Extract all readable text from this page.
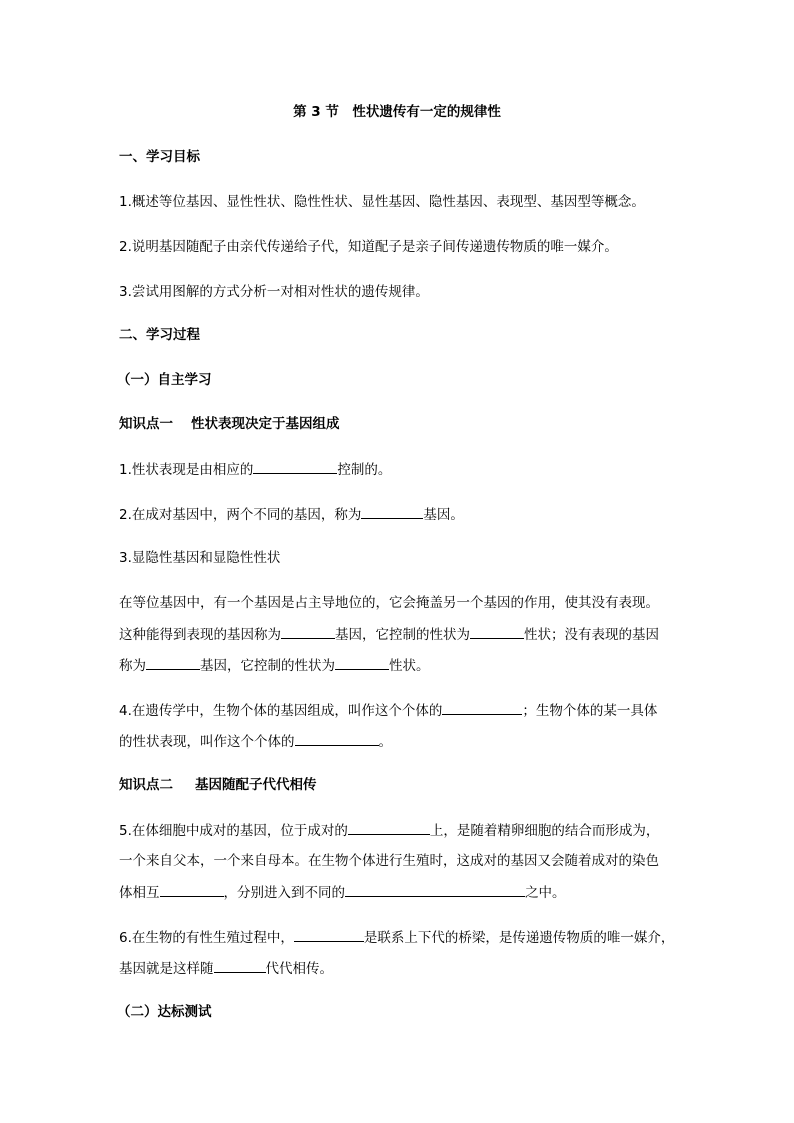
第 3 节　性状遗传有一定的规律性
一、学习目标
1.概述等位基因、显性性状、隐性性状、显性基因、隐性基因、表现型、基因型等概念。
2.说明基因随配子由亲代传递给子代，知道配子是亲子间传递遗传物质的唯一媒介。
3.尝试用图解的方式分析一对相对性状的遗传规律。
二、学习过程
（一）自主学习
知识点一 性状表现决定于基因组成
1.性状表现是由相应的	控制的。
2.在成对基因中，两个不同的基因，称为	基因。
3.显隐性基因和显隐性性状
在等位基因中，有一个基因是占主导地位的，它会掩盖另一个基因的作用，使其没有表现。
这种能得到表现的基因称为	基因，它控制的性状为	性状；没有表现的基因
称为	基因，它控制的性状为	性状。
4.在遗传学中，生物个体的基因组成，叫作这个个体的	；生物个体的某一具体
的性状表现，叫作这个个体的	。
知识点二 基因随配子代代相传
5.在体细胞中成对的基因，位于成对的	上，是随着精卵细胞的结合而形成为，
一个来自父本，一个来自母本。在生物个体进行生殖时，这成对的基因又会随着成对的染色
体相互	，分别进入到不同的	之中。
6.在生物的有性生殖过程中，	是联系上下代的桥梁，是传递遗传物质的唯一媒介，
基因就是这样随	代代相传。
（二）达标测试
